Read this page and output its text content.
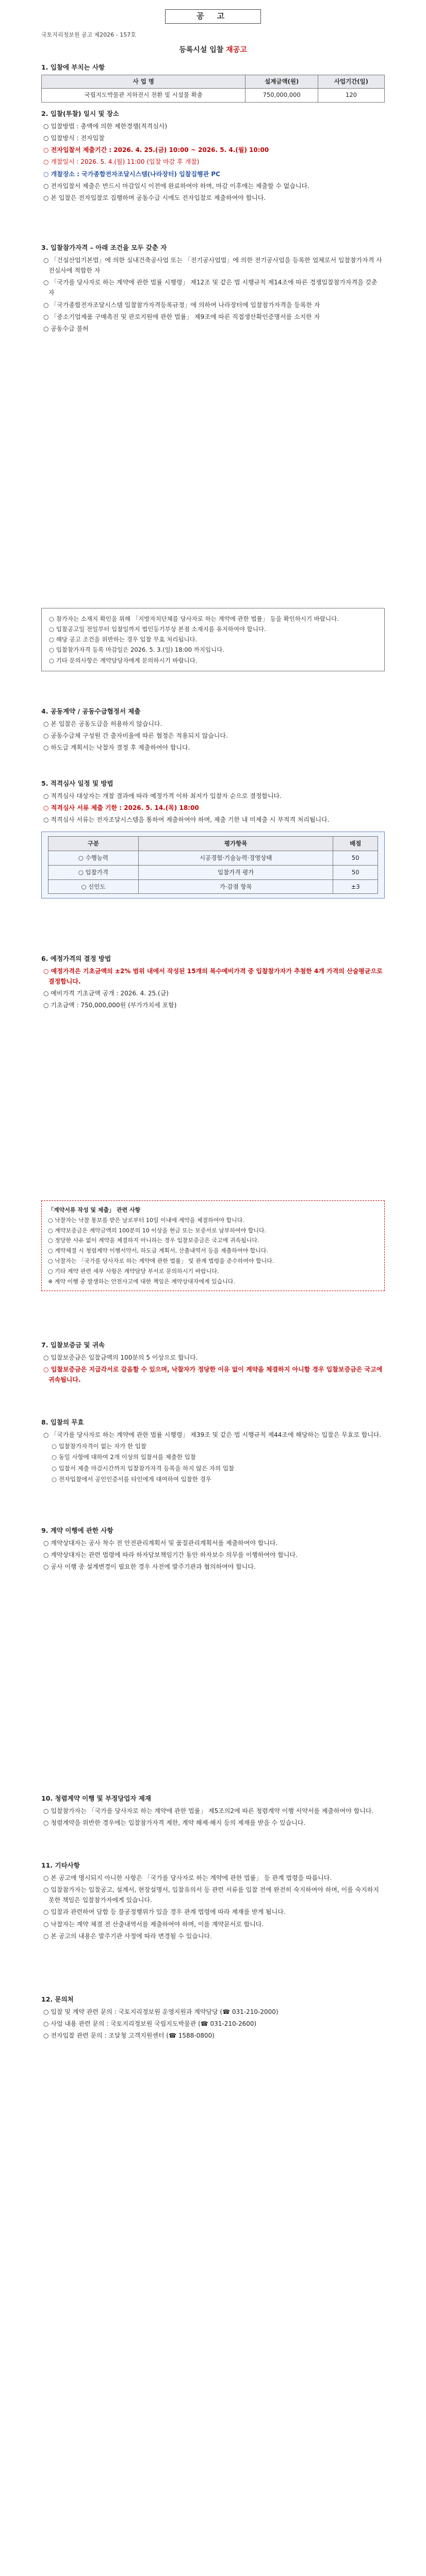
공 고
국토지리정보원 공고 제2026 - 157호
등록시설 입찰 재공고
1. 입찰에 부치는 사항
사 업 명	설계금액(원)	사업기간(일)
국립지도박물관 지하전시 전환 및 시설물 확충	750,000,000	120
2. 입찰(투찰) 일시 및 장소

○ 입찰방법 : 총액에 의한 제한경쟁(적격심사)

○ 입찰방식 : 전자입찰

○ 전자입찰서 제출기간 : 2026. 4. 25.(금) 10:00 ~ 2026. 5. 4.(월) 10:00

○ 개찰일시 : 2026. 5. 4.(월) 11:00 (입찰 마감 후 개찰)

○ 개찰장소 : 국가종합전자조달시스템(나라장터) 입찰집행관 PC

○ 전자입찰서 제출은 반드시 마감일시 이전에 완료하여야 하며, 마감 이후에는 제출할 수 없습니다.

○ 본 입찰은 전자입찰로 집행하며 공동수급 시에도 전자입찰로 제출하여야 합니다.

3. 입찰참가자격 – 아래 조건을 모두 갖춘 자

○ 「건설산업기본법」에 의한 실내건축공사업 또는 「전기공사업법」에 의한 전기공사업을 등록한 업체로서 입찰참가자격 사전심사에 적합한 자

○ 「국가를 당사자로 하는 계약에 관한 법률 시행령」 제12조 및 같은 법 시행규칙 제14조에 따른 경쟁입찰참가자격을 갖춘 자

○ 「국가종합전자조달시스템 입찰참가자격등록규정」에 의하여 나라장터에 입찰참가자격을 등록한 자

○ 「중소기업제품 구매촉진 및 판로지원에 관한 법률」 제9조에 따른 직접생산확인증명서를 소지한 자

○ 공동수급 불허

○ 참가자는 소재지 확인을 위해 「지방자치단체를 당사자로 하는 계약에 관한 법률」 등을 확인하시기 바랍니다.

○ 입찰공고일 전일부터 입찰일까지 법인등기부상 본점 소재지를 유지하여야 합니다.

○ 해당 공고 조건을 위반하는 경우 입찰 무효 처리됩니다.

○ 입찰참가자격 등록 마감일은 2026. 5. 3.(일) 18:00 까지입니다.

○ 기타 문의사항은 계약담당자에게 문의하시기 바랍니다.

4. 공동계약 / 공동수급협정서 제출

○ 본 입찰은 공동도급을 허용하지 않습니다.

○ 공동수급체 구성원 간 출자비율에 따른 협정은 적용되지 않습니다.

○ 하도급 계획서는 낙찰자 결정 후 제출하여야 합니다.

5. 적격심사 일정 및 방법

○ 적격심사 대상자는 개찰 결과에 따라 예정가격 이하 최저가 입찰자 순으로 결정합니다.

○ 적격심사 서류 제출 기한 : 2026. 5. 14.(목) 18:00

○ 적격심사 서류는 전자조달시스템을 통하여 제출하여야 하며, 제출 기한 내 미제출 시 부적격 처리됩니다.

구분	평가항목	배점
○ 수행능력	시공경험·기술능력·경영상태	50
○ 입찰가격	입찰가격 평가	50
○ 신인도	가·감점 항목	±3
6. 예정가격의 결정 방법

○ 예정가격은 기초금액의 ±2% 범위 내에서 작성된 15개의 복수예비가격 중 입찰참가자가 추첨한 4개 가격의 산술평균으로 결정합니다.

○ 예비가격 기초금액 공개 : 2026. 4. 25.(금)

○ 기초금액 : 750,000,000원 (부가가치세 포함)

「계약서류 작성 및 제출」 관련 사항

○ 낙찰자는 낙찰 통보를 받은 날로부터 10일 이내에 계약을 체결하여야 합니다.

○ 계약보증금은 계약금액의 100분의 10 이상을 현금 또는 보증서로 납부하여야 합니다.

○ 정당한 사유 없이 계약을 체결하지 아니하는 경우 입찰보증금은 국고에 귀속됩니다.

○ 계약체결 시 청렴계약 이행서약서, 하도급 계획서, 산출내역서 등을 제출하여야 합니다.

○ 낙찰자는 「국가를 당사자로 하는 계약에 관한 법률」 및 관계 법령을 준수하여야 합니다.

○ 기타 계약 관련 세부 사항은 계약담당 부서로 문의하시기 바랍니다.

※ 계약 이행 중 발생하는 안전사고에 대한 책임은 계약상대자에게 있습니다.

7. 입찰보증금 및 귀속

○ 입찰보증금은 입찰금액의 100분의 5 이상으로 합니다.

○ 입찰보증금은 지급각서로 갈음할 수 있으며, 낙찰자가 정당한 이유 없이 계약을 체결하지 아니할 경우 입찰보증금은 국고에 귀속됩니다.

8. 입찰의 무효

○ 「국가를 당사자로 하는 계약에 관한 법률 시행령」 제39조 및 같은 법 시행규칙 제44조에 해당하는 입찰은 무효로 합니다.

○ 입찰참가자격이 없는 자가 한 입찰

○ 동일 사항에 대하여 2개 이상의 입찰서를 제출한 입찰

○ 입찰서 제출 마감시간까지 입찰참가자격 등록을 하지 않은 자의 입찰

○ 전자입찰에서 공인인증서를 타인에게 대여하여 입찰한 경우

9. 계약 이행에 관한 사항

○ 계약상대자는 공사 착수 전 안전관리계획서 및 품질관리계획서를 제출하여야 합니다.

○ 계약상대자는 관련 법령에 따라 하자담보책임기간 동안 하자보수 의무를 이행하여야 합니다.

○ 공사 이행 중 설계변경이 필요한 경우 사전에 발주기관과 협의하여야 합니다.

10. 청렴계약 이행 및 부정당업자 제재

○ 입찰참가자는 「국가를 당사자로 하는 계약에 관한 법률」 제5조의2에 따른 청렴계약 이행 서약서를 제출하여야 합니다.

○ 청렴계약을 위반한 경우에는 입찰참가자격 제한, 계약 해제·해지 등의 제재를 받을 수 있습니다.

11. 기타사항

○ 본 공고에 명시되지 아니한 사항은 「국가를 당사자로 하는 계약에 관한 법률」 등 관계 법령을 따릅니다.

○ 입찰참가자는 입찰공고, 설계서, 현장설명서, 입찰유의서 등 관련 서류를 입찰 전에 완전히 숙지하여야 하며, 이를 숙지하지 못한 책임은 입찰참가자에게 있습니다.

○ 입찰과 관련하여 담합 등 불공정행위가 있을 경우 관계 법령에 따라 제재를 받게 됩니다.

○ 낙찰자는 계약 체결 전 산출내역서를 제출하여야 하며, 이를 계약문서로 합니다.

○ 본 공고의 내용은 발주기관 사정에 따라 변경될 수 있습니다.

12. 문의처

○ 입찰 및 계약 관련 문의 : 국토지리정보원 운영지원과 계약담당 (☎ 031-210-2000)

○ 사업 내용 관련 문의 : 국토지리정보원 국립지도박물관 (☎ 031-210-2600)

○ 전자입찰 관련 문의 : 조달청 고객지원센터 (☎ 1588-0800)
